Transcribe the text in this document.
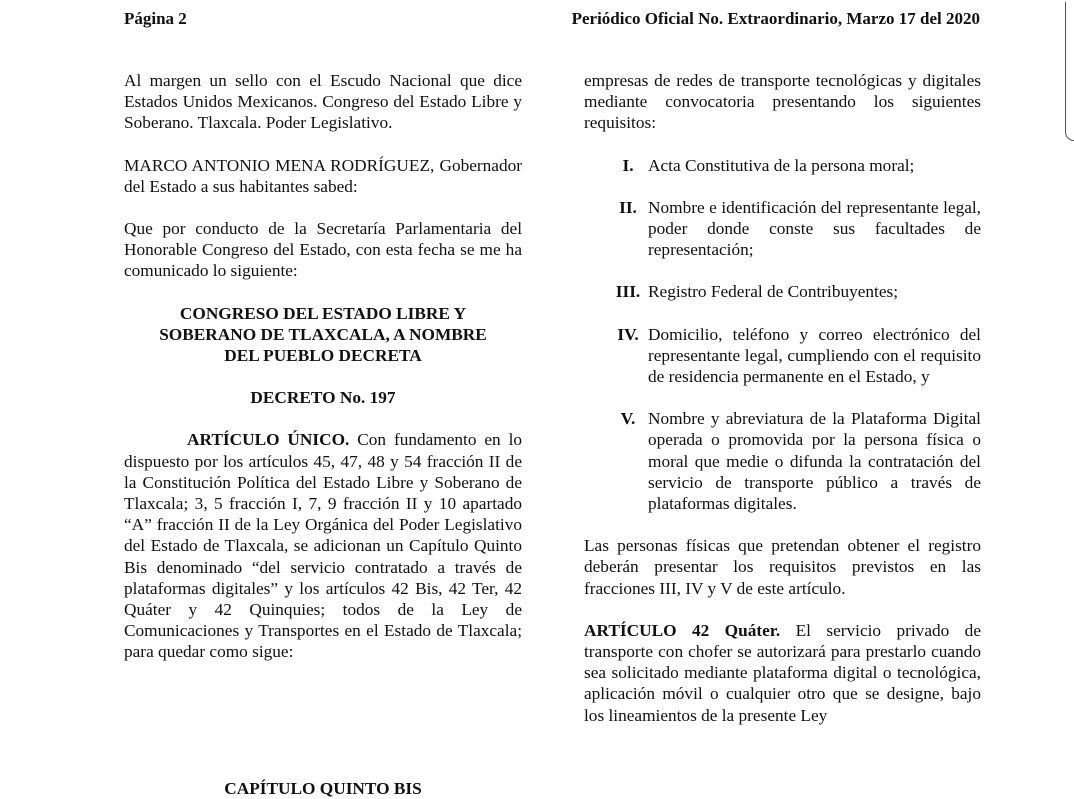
Página 2	Periódico Oficial No. Extraordinario, Marzo 17 del 2020

Al margen un sello con el Escudo Nacional que dice Estados Unidos Mexicanos. Congreso del Estado Libre y Soberano. Tlaxcala. Poder Legislativo.

MARCO ANTONIO MENA RODRÍGUEZ, Gobernador del Estado a sus habitantes sabed:

Que por conducto de la Secretaría Parlamentaria del Honorable Congreso del Estado, con esta fecha se me ha comunicado lo siguiente:

CONGRESO DEL ESTADO LIBRE Y

SOBERANO DE TLAXCALA, A NOMBRE

DEL PUEBLO DECRETA

DECRETO No. 197

ARTÍCULO ÚNICO. Con fundamento en lo dispuesto por los artículos 45, 47, 48 y 54 fracción II de la Constitución Política del Estado Libre y Soberano de Tlaxcala; 3, 5 fracción I, 7, 9 fracción II y 10 apartado “A” fracción II de la Ley Orgánica del Poder Legislativo del Estado de Tlaxcala, se adicionan un Capítulo Quinto Bis denominado “del servicio contratado a través de plataformas digitales” y los artículos 42 Bis, 42 Ter, 42 Quáter y 42 Quinquies; todos de la Ley de Comunicaciones y Transportes en el Estado de Tlaxcala; para quedar como sigue:

CAPÍTULO QUINTO BIS

empresas de redes de transporte tecnológicas y digitales mediante convocatoria presentando los siguientes requisitos:

I. Acta Constitutiva de la persona moral;
II. Nombre e identificación del representante legal, poder donde conste sus facultades de representación;
III. Registro Federal de Contribuyentes;
IV. Domicilio, teléfono y correo electrónico del representante legal, cumpliendo con el requisito de residencia permanente en el Estado, y
V. Nombre y abreviatura de la Plataforma Digital operada o promovida por la persona física o moral que medie o difunda la contratación del servicio de transporte público a través de plataformas digitales.

Las personas físicas que pretendan obtener el registro deberán presentar los requisitos previstos en las fracciones III, IV y V de este artículo.

ARTÍCULO 42 Quáter. El servicio privado de transporte con chofer se autorizará para prestarlo cuando sea solicitado mediante plataforma digital o tecnológica, aplicación móvil o cualquier otro que se designe, bajo los lineamientos de la presente Ley
